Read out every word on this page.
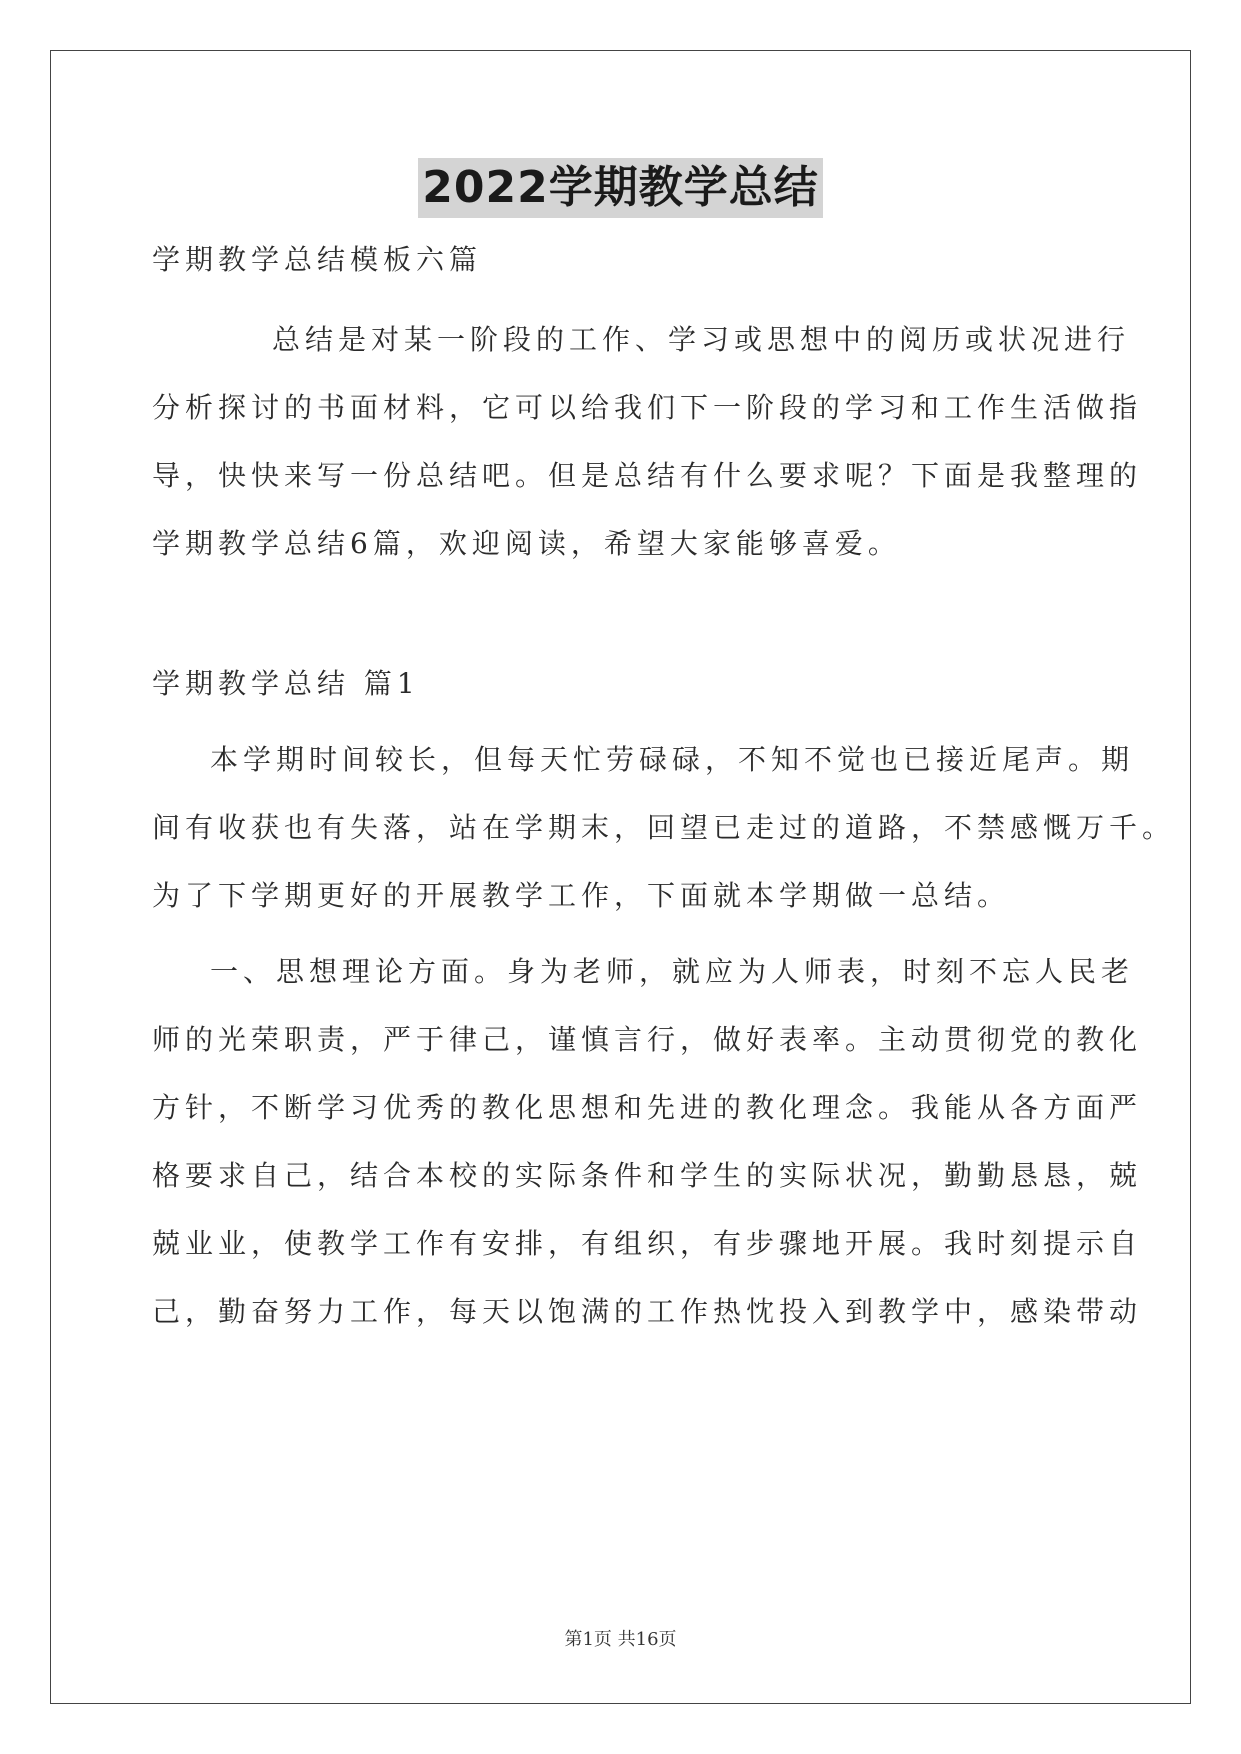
2022学期教学总结
学期教学总结模板六篇
总结是对某一阶段的工作、学习或思想中的阅历或状况进行
分析探讨的书面材料，它可以给我们下一阶段的学习和工作生活做指
导，快快来写一份总结吧。但是总结有什么要求呢？下面是我整理的
学期教学总结6篇，欢迎阅读，希望大家能够喜爱。
学期教学总结 篇1
本学期时间较长，但每天忙劳碌碌，不知不觉也已接近尾声。期
间有收获也有失落，站在学期末，回望已走过的道路，不禁感慨万千。
为了下学期更好的开展教学工作，下面就本学期做一总结。
一、思想理论方面。身为老师，就应为人师表，时刻不忘人民老
师的光荣职责，严于律己，谨慎言行，做好表率。主动贯彻党的教化
方针，不断学习优秀的教化思想和先进的教化理念。我能从各方面严
格要求自己，结合本校的实际条件和学生的实际状况，勤勤恳恳，兢
兢业业，使教学工作有安排，有组织，有步骤地开展。我时刻提示自
己，勤奋努力工作，每天以饱满的工作热忱投入到教学中，感染带动
第1页 共16页
